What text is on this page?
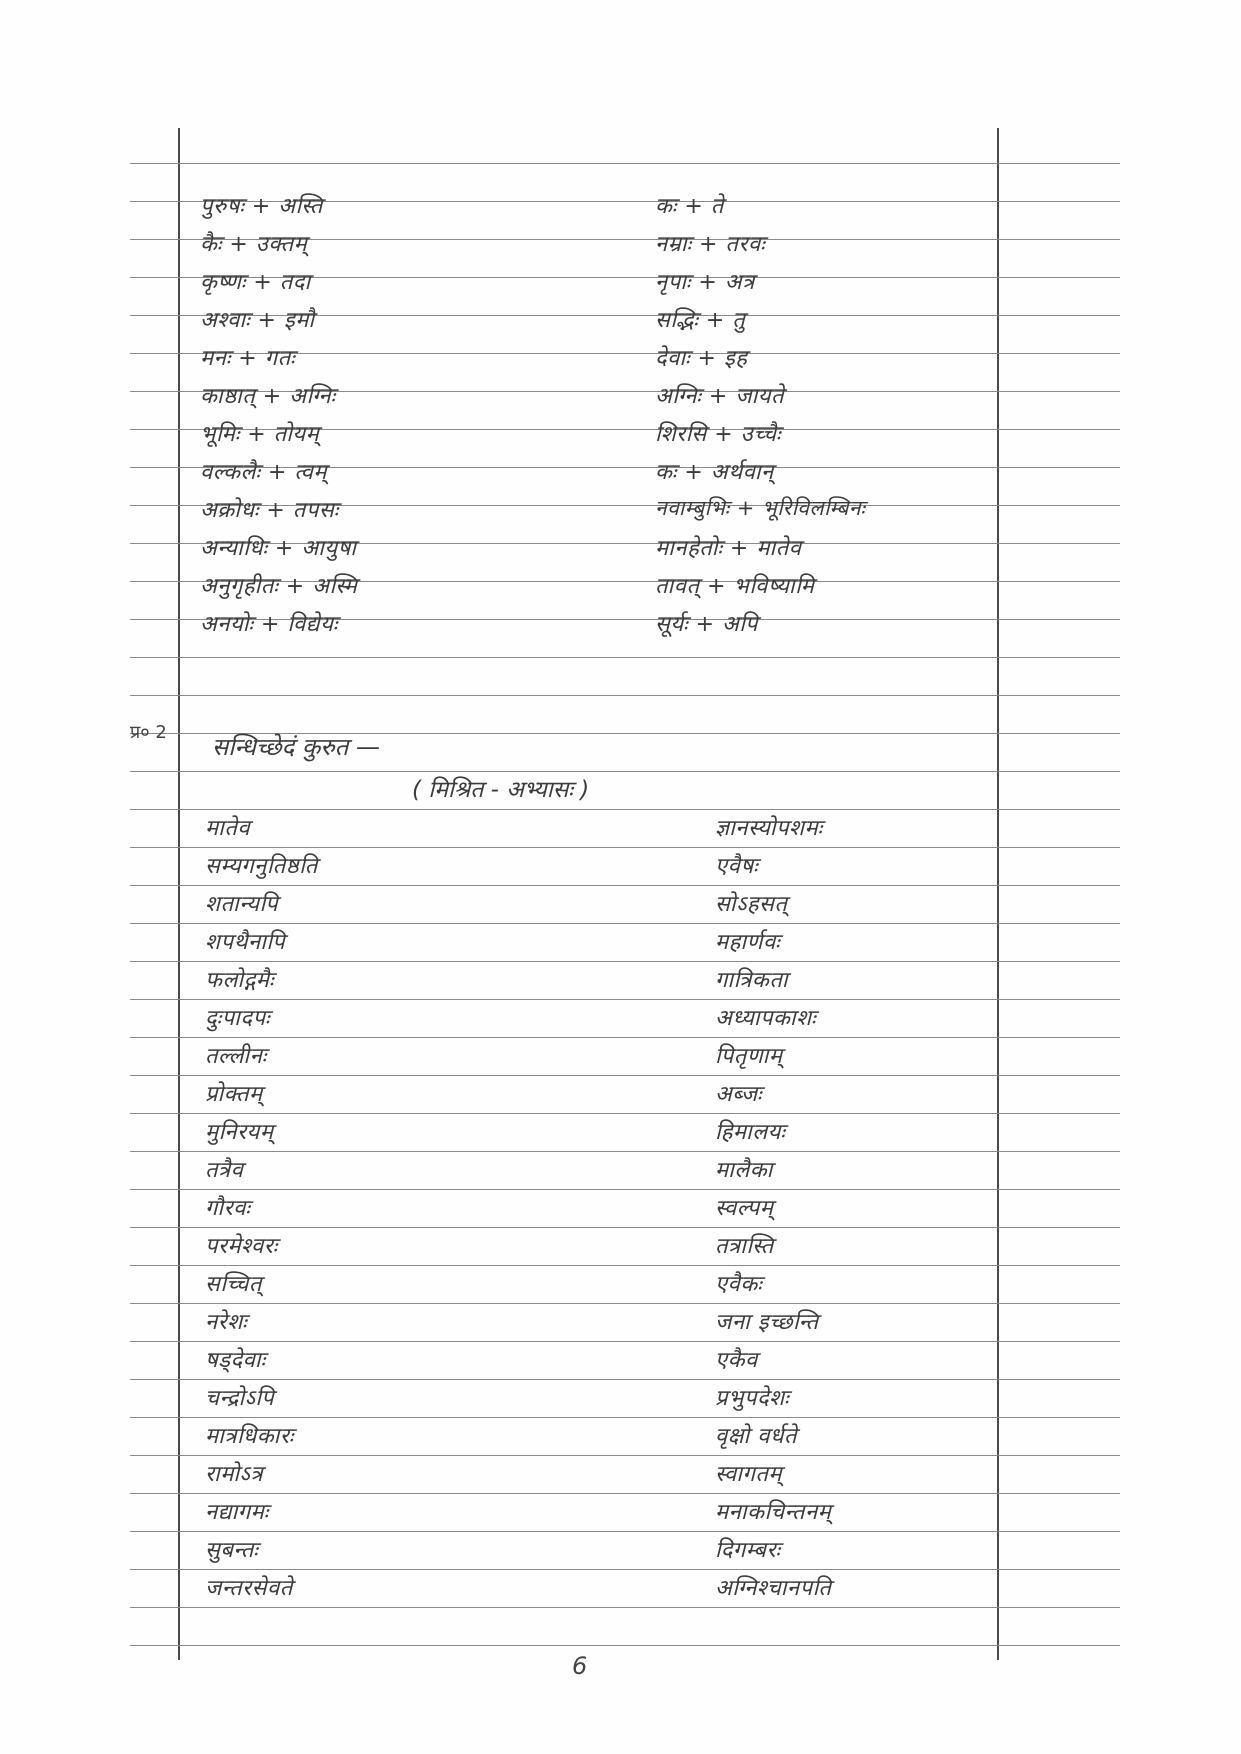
पुरुषः + अस्ति
कैः + उक्तम्
कृष्णः + तदा
अश्वाः + इमौ
मनः + गतः
काष्ठात् + अग्निः
भूमिः + तोयम्
वल्कलैः + त्वम्
अक्रोधः + तपसः
अन्याधिः + आयुषा
अनुगृहीतः + अस्मि
अनयोः + विद्येयः
कः + ते
नम्राः + तरवः
नृपाः + अत्र
सद्भिः + तु
देवाः + इह
अग्निः + जायते
शिरसि + उच्चैः
कः + अर्थवान्
नवाम्बुभिः + भूरिविलम्बिनः
मानहेतोः + मातेव
तावत् + भविष्यामि
सूर्यः + अपि
प्र० 2
सन्धिच्छेदं कुरुत —
( मिश्रित - अभ्यासः )
मातेव
सम्यगनुतिष्ठति
शतान्यपि
शपथैनापि
फलोद्गमैः
दुःपादपः
तल्लीनः
प्रोक्तम्
मुनिरयम्
तत्रैव
गौरवः
परमेश्वरः
सच्चित्
नरेशः
षड्देवाः
चन्द्रोऽपि
मात्रधिकारः
रामोऽत्र
नद्यागमः
सुबन्तः
जन्तरसेवते
ज्ञानस्योपशमः
एवैषः
सोऽहसत्
महार्णवः
गात्रिकता
अध्यापकाशः
पितृणाम्
अब्जः
हिमालयः
मालैका
स्वल्पम्
तत्रास्ति
एवैकः
जना इच्छन्ति
एकैव
प्रभुपदेशः
वृक्षो वर्धते
स्वागतम्
मनाकचिन्तनम्
दिगम्बरः
अग्निश्चानपति
6
